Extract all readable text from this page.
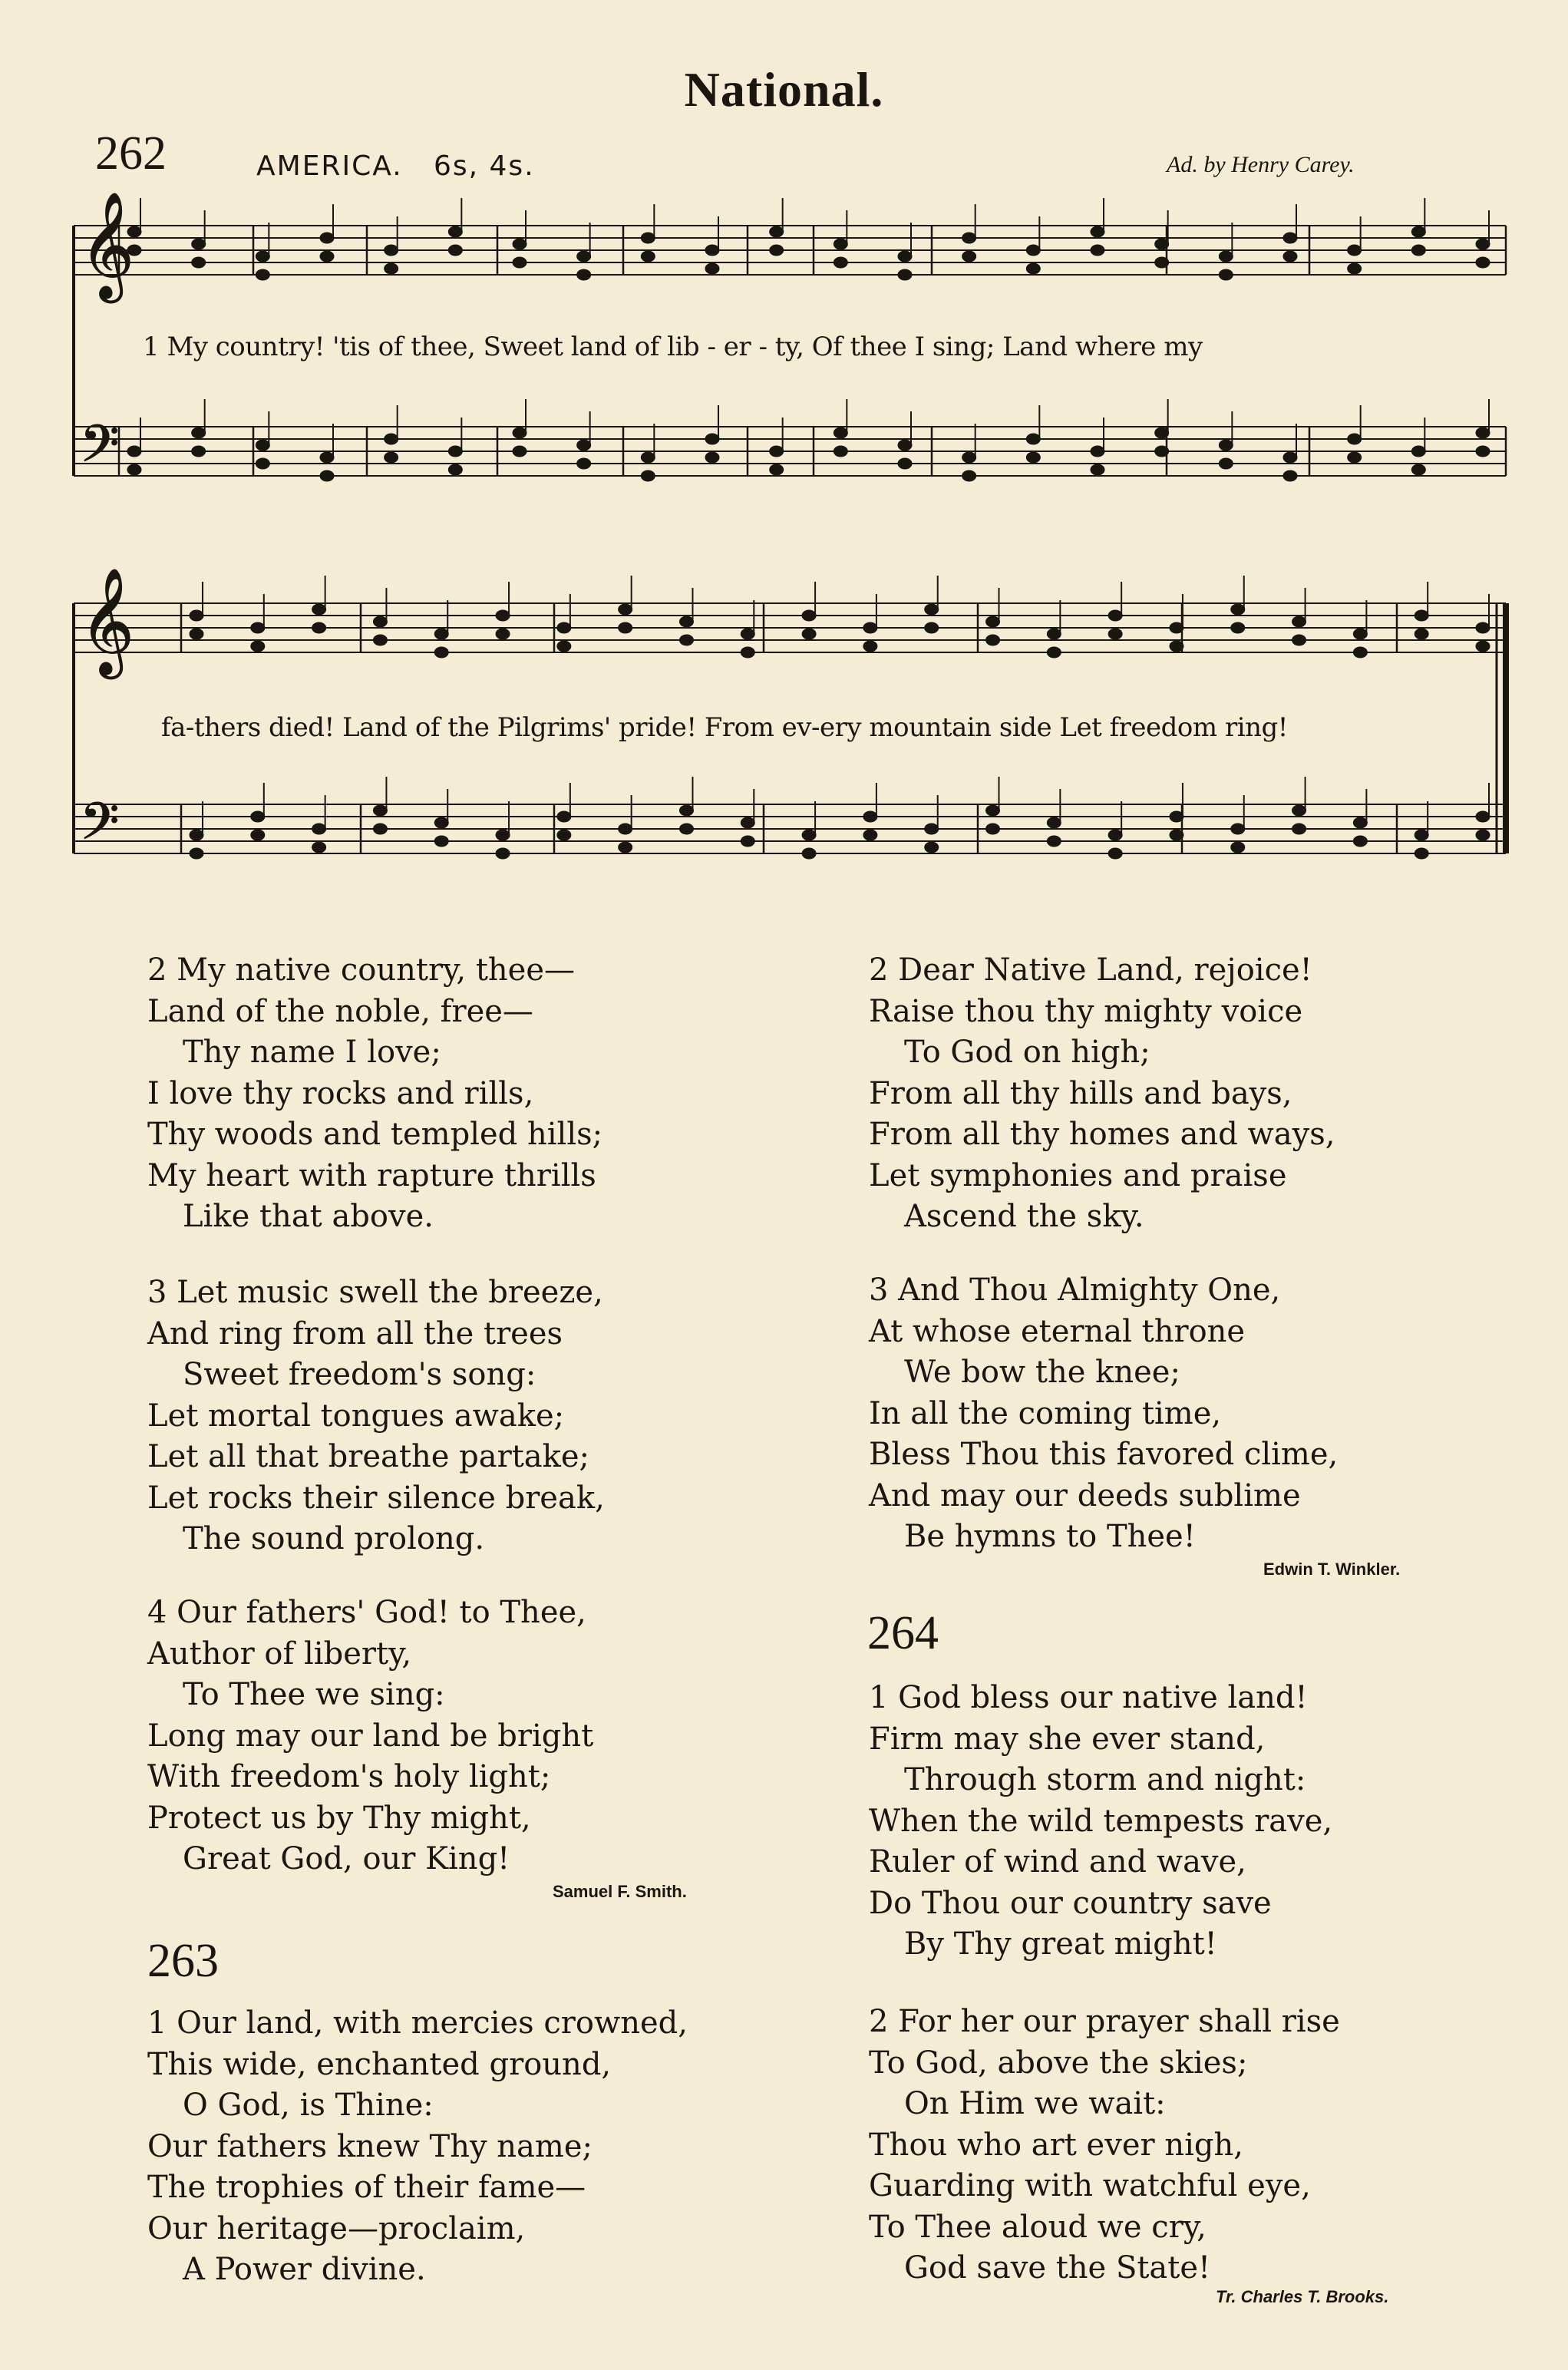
National.
262	AMERICA. 6s, 4s.	Ad. by Henry Carey.
𝄞
𝄞
𝄢
𝄢
1 My country! 'tis of thee, Sweet land of lib - er - ty, Of thee I sing; Land where my
fa-thers died! Land of the Pilgrims' pride! From ev-ery mountain side Let freedom ring!
2 My native country, thee—
Land of the noble, free—
Thy name I love;
I love thy rocks and rills,
Thy woods and templed hills;
My heart with rapture thrills
Like that above.
3 Let music swell the breeze,
And ring from all the trees
Sweet freedom's song:
Let mortal tongues awake;
Let all that breathe partake;
Let rocks their silence break,
The sound prolong.
4 Our fathers' God! to Thee,
Author of liberty,
To Thee we sing:
Long may our land be bright
With freedom's holy light;
Protect us by Thy might,
Great God, our King!
Samuel F. Smith.
263
1 Our land, with mercies crowned,
This wide, enchanted ground,
O God, is Thine:
Our fathers knew Thy name;
The trophies of their fame—
Our heritage—proclaim,
A Power divine.
2 Dear Native Land, rejoice!
Raise thou thy mighty voice
To God on high;
From all thy hills and bays,
From all thy homes and ways,
Let symphonies and praise
Ascend the sky.
3 And Thou Almighty One,
At whose eternal throne
We bow the knee;
In all the coming time,
Bless Thou this favored clime,
And may our deeds sublime
Be hymns to Thee!
Edwin T. Winkler.
264
1 God bless our native land!
Firm may she ever stand,
Through storm and night:
When the wild tempests rave,
Ruler of wind and wave,
Do Thou our country save
By Thy great might!
2 For her our prayer shall rise
To God, above the skies;
On Him we wait:
Thou who art ever nigh,
Guarding with watchful eye,
To Thee aloud we cry,
God save the State!
Tr. Charles T. Brooks.
